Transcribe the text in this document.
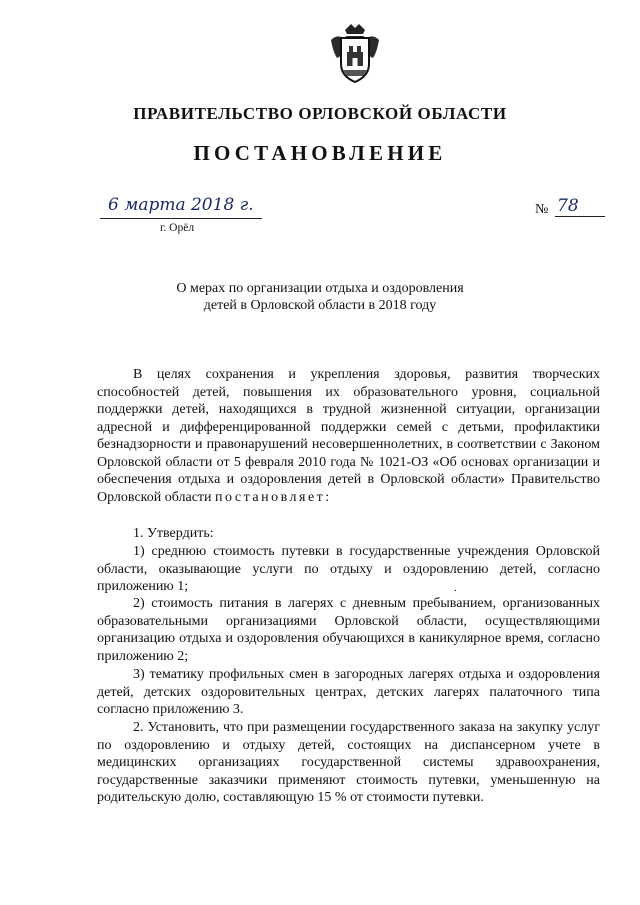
ПРАВИТЕЛЬСТВО ОРЛОВСКОЙ ОБЛАСТИ
ПОСТАНОВЛЕНИЕ
6 марта 2018 г.
г. Орёл
№ 78
О мерах по организации отдыха и оздоровления
детей в Орловской области в 2018 году
В целях сохранения и укрепления здоровья, развития творческих способностей детей, повышения их образовательного уровня, социальной поддержки детей, находящихся в трудной жизненной ситуации, организации адресной и дифференцированной поддержки семей с детьми, профилактики безнадзорности и правонарушений несовершеннолетних, в соответствии с Законом Орловской области от 5 февраля 2010 года № 1021-ОЗ «Об основах организации и обеспечения отдыха и оздоровления детей в Орловской области» Правительство Орловской области постановляет:
1. Утвердить:
1) среднюю стоимость путевки в государственные учреждения Орловской области, оказывающие услуги по отдыху и оздоровлению детей, согласно приложению 1;	.
2) стоимость питания в лагерях с дневным пребыванием, организованных образовательными организациями Орловской области, осуществляющими организацию отдыха и оздоровления обучающихся в каникулярное время, согласно приложению 2;
3) тематику профильных смен в загородных лагерях отдыха и оздоровления детей, детских оздоровительных центрах, детских лагерях палаточного типа согласно приложению 3.
2. Установить, что при размещении государственного заказа на закупку услуг по оздоровлению и отдыху детей, состоящих на диспансерном учете в медицинских организациях государственной системы здравоохранения, государственные заказчики применяют стоимость путевки, уменьшенную на родительскую долю, составляющую 15 % от стоимости путевки.
